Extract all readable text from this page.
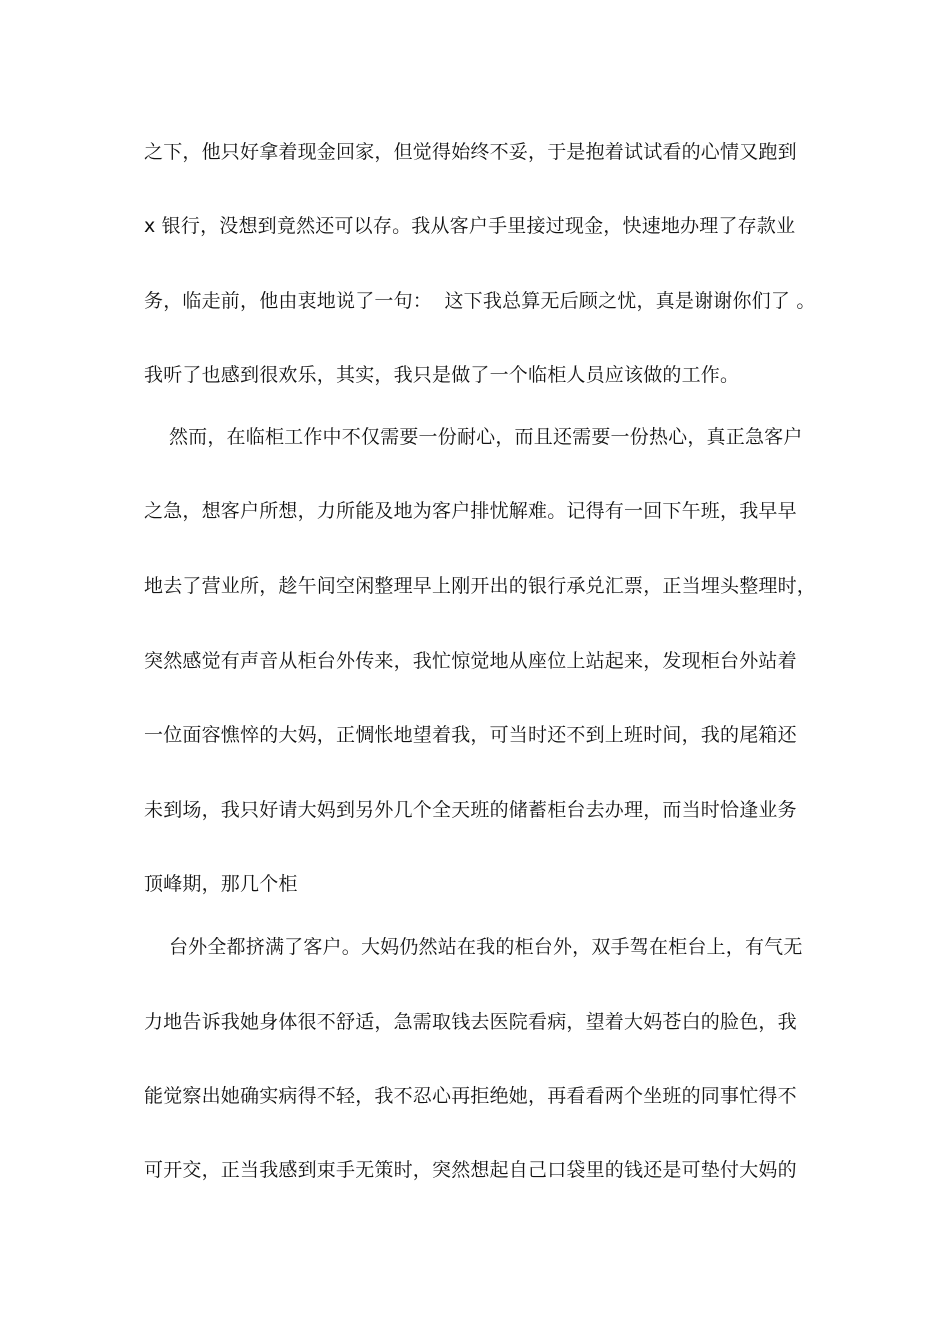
之下，他只好拿着现金回家，但觉得始终不妥，于是抱着试试看的心情又跑到
x 银行，没想到竟然还可以存。我从客户手里接过现金，快速地办理了存款业
务，临走前，他由衷地说了一句：  这下我总算无后顾之忧，真是谢谢你们了 。
我听了也感到很欢乐，其实，我只是做了一个临柜人员应该做的工作。
然而，在临柜工作中不仅需要一份耐心，而且还需要一份热心，真正急客户
之急，想客户所想，力所能及地为客户排忧解难。记得有一回下午班，我早早
地去了营业所，趁午间空闲整理早上刚开出的银行承兑汇票，正当埋头整理时，
突然感觉有声音从柜台外传来，我忙惊觉地从座位上站起来，发现柜台外站着
一位面容憔悴的大妈，正惆怅地望着我，可当时还不到上班时间，我的尾箱还
未到场，我只好请大妈到另外几个全天班的储蓄柜台去办理，而当时恰逢业务
顶峰期，那几个柜
台外全都挤满了客户。大妈仍然站在我的柜台外，双手驾在柜台上，有气无
力地告诉我她身体很不舒适，急需取钱去医院看病，望着大妈苍白的脸色，我
能觉察出她确实病得不轻，我不忍心再拒绝她，再看看两个坐班的同事忙得不
可开交，正当我感到束手无策时，突然想起自己口袋里的钱还是可垫付大妈的
